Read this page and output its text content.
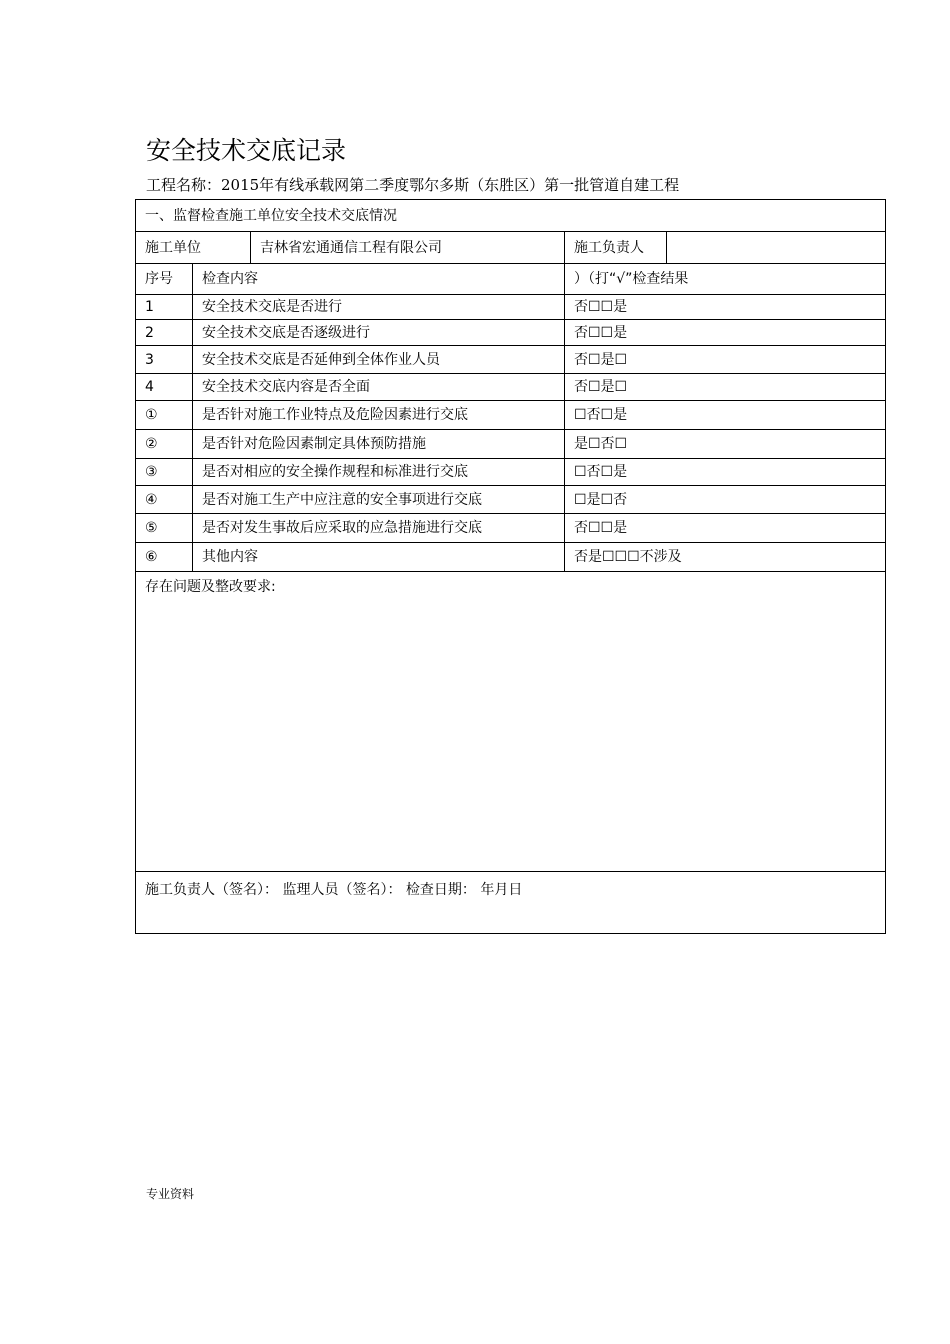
安全技术交底记录
工程名称：2015年有线承载网第二季度鄂尔多斯（东胜区）第一批管道自建工程
一、监督检查施工单位安全技术交底情况
施工单位	吉林省宏通通信工程有限公司	施工负责人
序号	检查内容	）（打“√”检查结果
1	安全技术交底是否进行	否☐☐是
2	安全技术交底是否逐级进行	否☐☐是
3	安全技术交底是否延伸到全体作业人员	否☐是☐
4	安全技术交底内容是否全面	否☐是☐
①	是否针对施工作业特点及危险因素进行交底	☐否☐是
②	是否针对危险因素制定具体预防措施	是☐否☐
③	是否对相应的安全操作规程和标准进行交底	☐否☐是
④	是否对施工生产中应注意的安全事项进行交底	☐是☐否
⑤	是否对发生事故后应采取的应急措施进行交底	否☐☐是
⑥	其他内容	否是☐☐☐不涉及
存在问题及整改要求:
施工负责人（签名）： 监理人员（签名）： 检查日期： 年月日
专业资料
